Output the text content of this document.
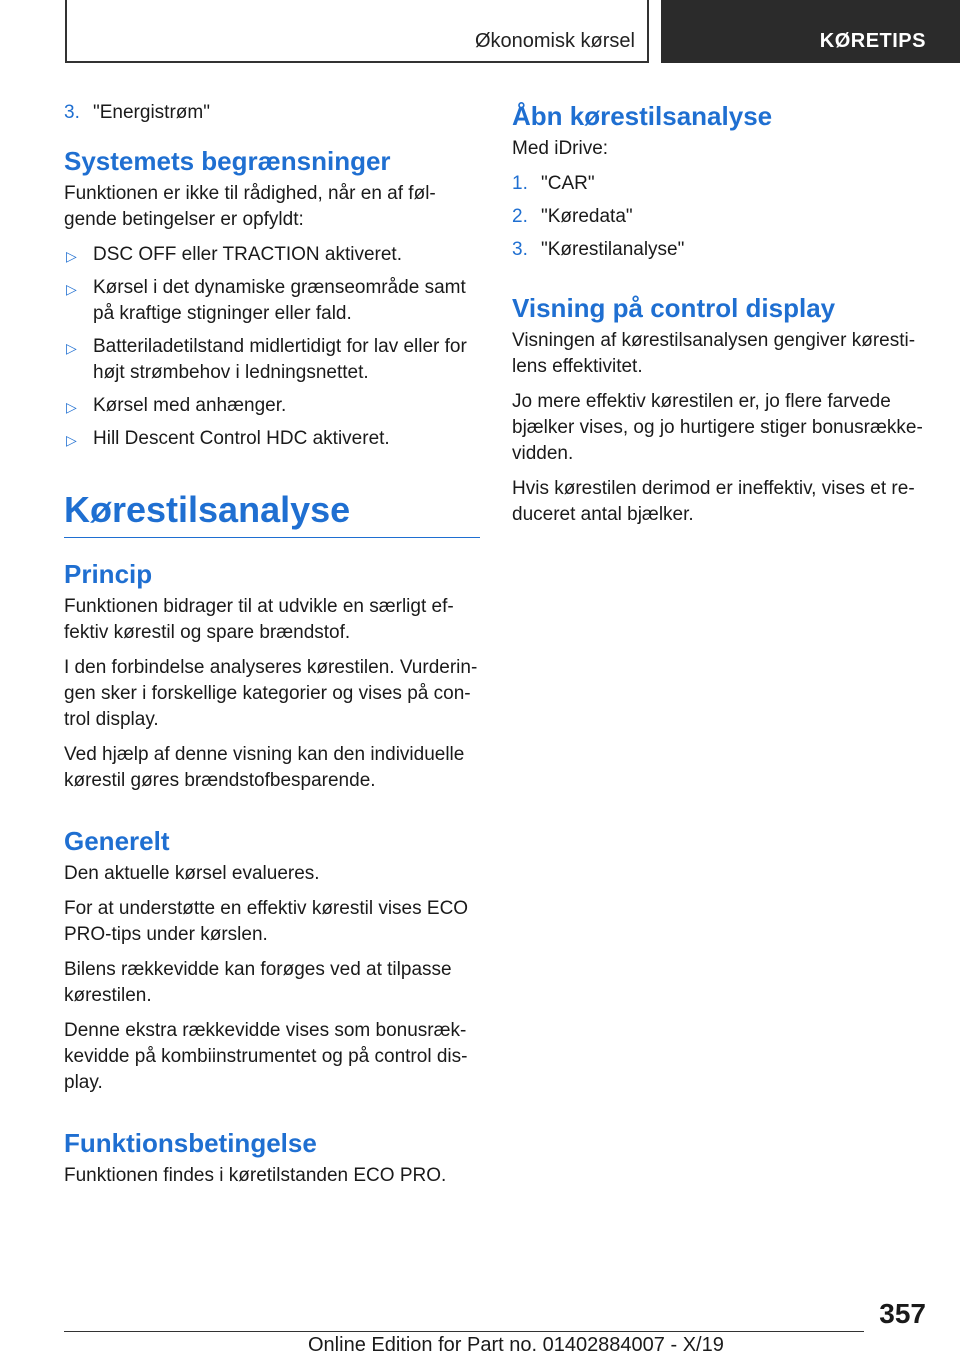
Økonomisk kørsel	KØRETIPS
3. "Energistrøm"
Systemets begrænsninger

Funktionen er ikke til rådighed, når en af føl‐ gende betingelser er opfyldt:

▷ DSC OFF eller TRACTION aktiveret.
▷ Kørsel i det dynamiske grænseområde samt på kraftige stigninger eller fald.
▷ Batteriladetilstand midlertidigt for lav eller for højt strømbehov i ledningsnettet.
▷ Kørsel med anhænger.
▷ Hill Descent Control HDC aktiveret.
Kørestilsanalyse
Princip

Funktionen bidrager til at udvikle en særligt ef‐ fektiv kørestil og spare brændstof.

I den forbindelse analyseres kørestilen. Vurderin‐ gen sker i forskellige kategorier og vises på con‐ trol display.

Ved hjælp af denne visning kan den individuelle kørestil gøres brændstofbesparende.

Generelt

Den aktuelle kørsel evalueres.

For at understøtte en effektiv kørestil vises ECO PRO-tips under kørslen.

Bilens rækkevidde kan forøges ved at tilpasse kørestilen.

Denne ekstra rækkevidde vises som bonusræk‐ kevidde på kombiinstrumentet og på control dis‐ play.

Funktionsbetingelse

Funktionen findes i køretilstanden ECO PRO.

Åbn kørestilsanalyse

Med iDrive:

1. "CAR"
2. "Køredata"
3. "Kørestilanalyse"
Visning på control display

Visningen af kørestilsanalysen gengiver køresti‐ lens effektivitet.

Jo mere effektiv kørestilen er, jo flere farvede bjælker vises, og jo hurtigere stiger bonusrække‐ vidden.

Hvis kørestilen derimod er ineffektiv, vises et re‐ duceret antal bjælker.

357
Online Edition for Part no. 01402884007 - X/19
